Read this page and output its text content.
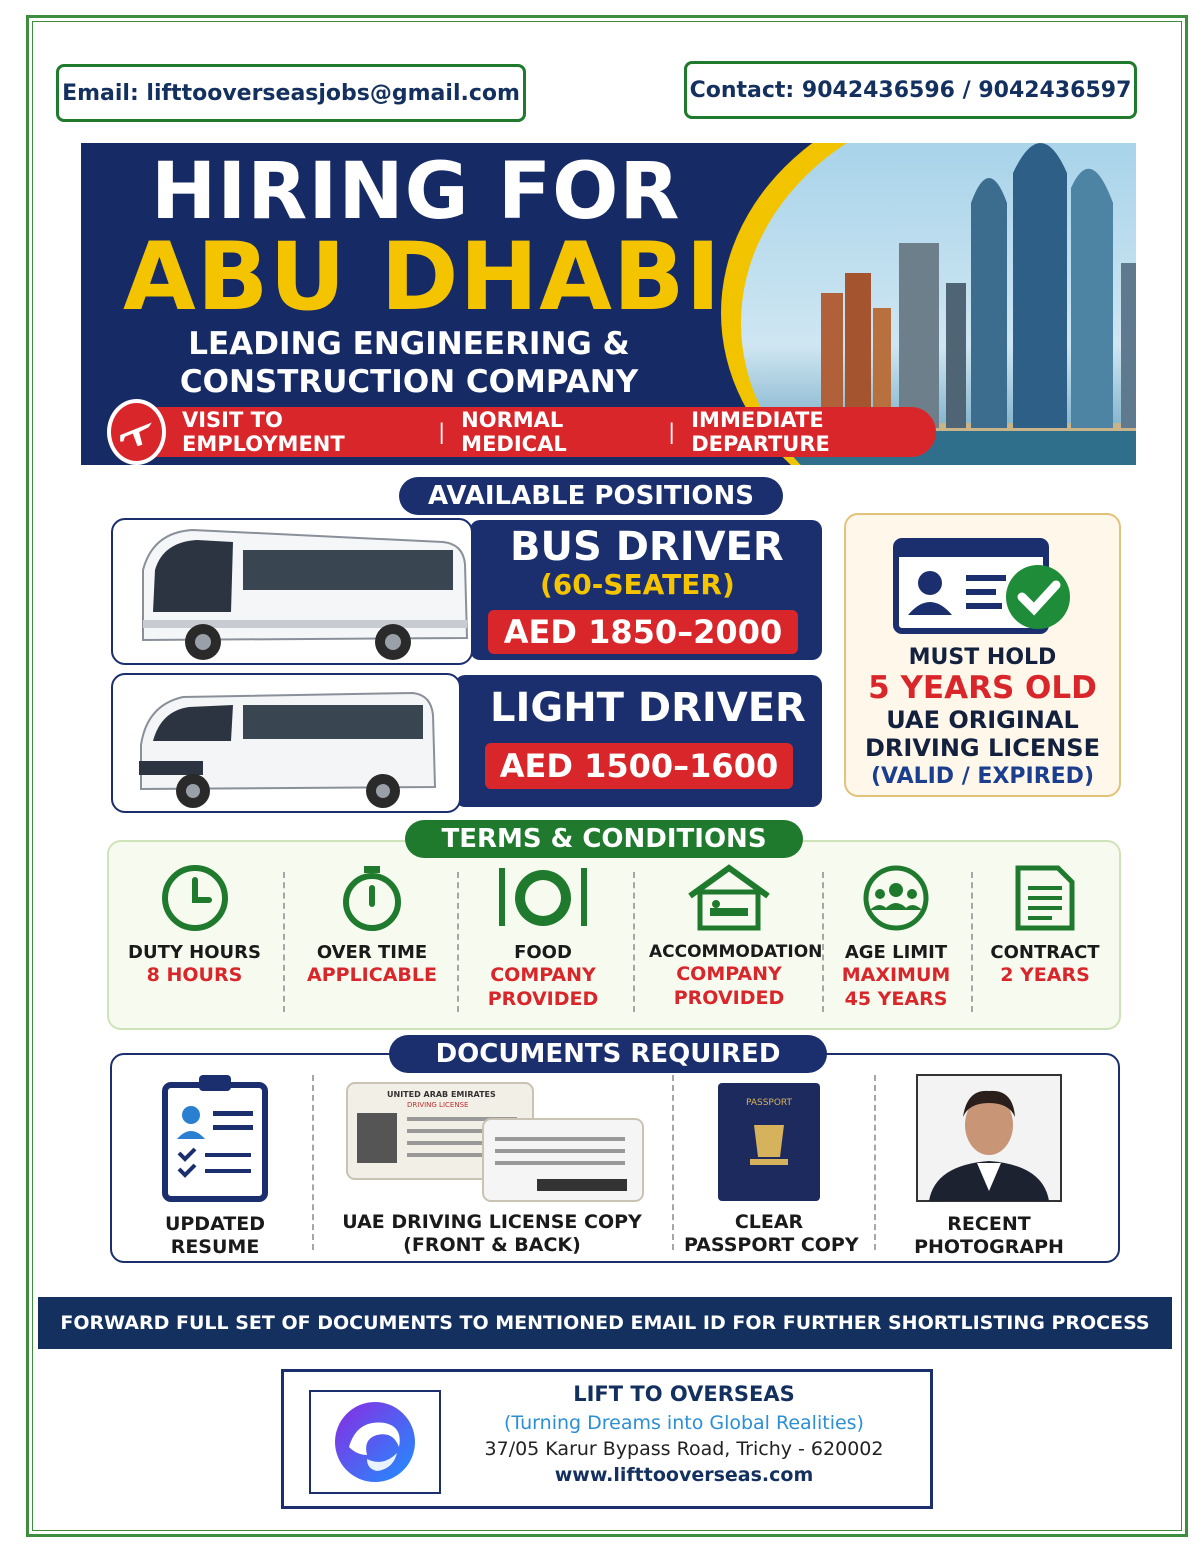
Email: lifttooverseasjobs@gmail.com	Contact: 9042436596 / 9042436597
HIRING FOR
ABU DHABI
LEADING ENGINEERING &
CONSTRUCTION COMPANY
VISIT TO EMPLOYMENT	| NORMAL MEDICAL	| IMMEDIATE DEPARTURE
AVAILABLE POSITIONS
BUS DRIVER
(60-SEATER)
AED 1850–2000
LIGHT DRIVER
AED 1500–1600
MUST HOLD
5 YEARS OLD
UAE ORIGINAL
DRIVING LICENSE
(VALID / EXPIRED)
DUTY HOURS
8 HOURS
OVER TIME
APPLICABLE
FOOD
COMPANY
PROVIDED
ACCOMMODATION
COMPANY
PROVIDED
AGE LIMIT
MAXIMUM
45 YEARS
CONTRACT
2 YEARS
TERMS & CONDITIONS
UPDATED
RESUME
UNITED ARAB EMIRATES
DRIVING LICENSE
UAE DRIVING LICENSE COPY
(FRONT & BACK)
PASSPORT
CLEAR
PASSPORT COPY
RECENT
PHOTOGRAPH
DOCUMENTS REQUIRED
FORWARD FULL SET OF DOCUMENTS TO MENTIONED EMAIL ID FOR FURTHER SHORTLISTING PROCESS
LIFT TO OVERSEAS
(Turning Dreams into Global Realities)
37/05 Karur Bypass Road, Trichy - 620002
www.lifttooverseas.com
